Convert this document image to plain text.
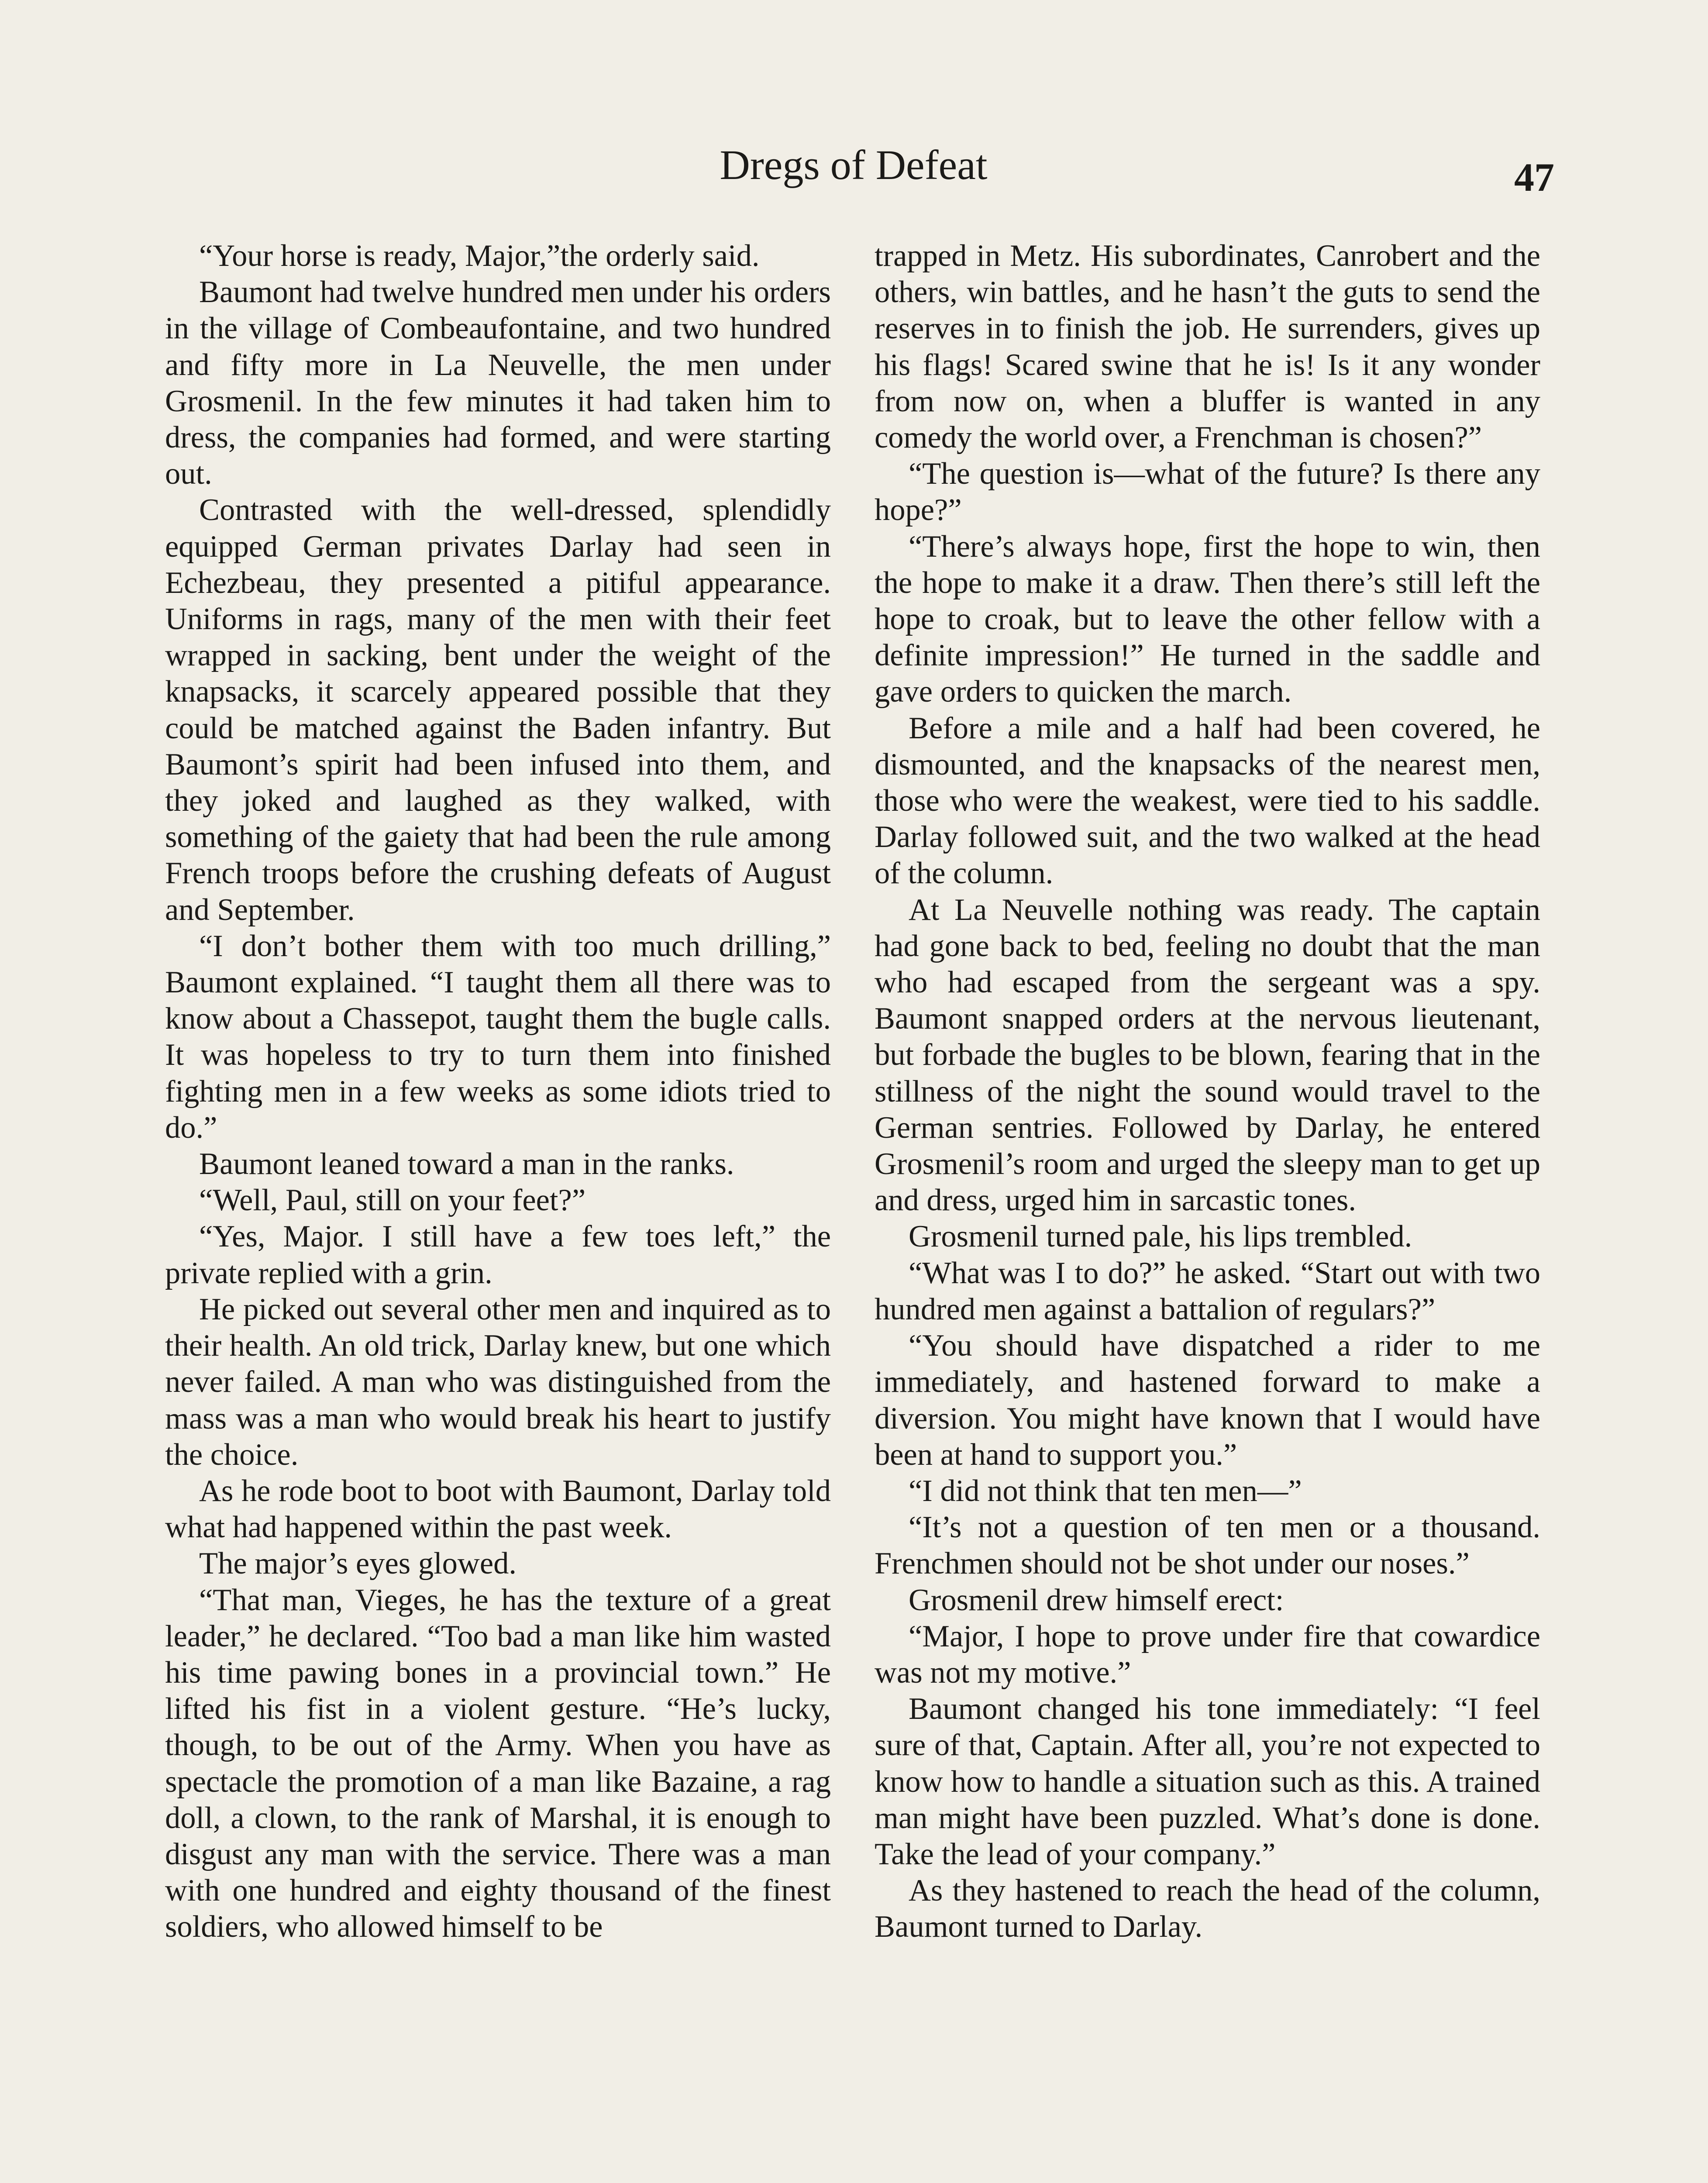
Dregs of Defeat	47

“Your horse is ready, Major,”the orderly said.

Baumont had twelve hundred men under his orders in the village of Combeaufontaine, and two hundred and fifty more in La Neuvelle, the men under Grosmenil. In the few minutes it had taken him to dress, the companies had formed, and were starting out.

Contrasted with the well-dressed, splendidly equipped German privates Darlay had seen in Echezbeau, they presented a pitiful appearance. Uniforms in rags, many of the men with their feet wrapped in sacking, bent under the weight of the knapsacks, it scarcely appeared possible that they could be matched against the Baden infantry. But Baumont’s spirit had been infused into them, and they joked and laughed as they walked, with something of the gaiety that had been the rule among French troops before the crushing defeats of August and September.

“I don’t bother them with too much drilling,” Baumont explained. “I taught them all there was to know about a Chassepot, taught them the bugle calls. It was hopeless to try to turn them into finished fighting men in a few weeks as some idiots tried to do.”

Baumont leaned toward a man in the ranks.

“Well, Paul, still on your feet?”

“Yes, Major. I still have a few toes left,” the private replied with a grin.

He picked out several other men and inquired as to their health. An old trick, Darlay knew, but one which never failed. A man who was distinguished from the mass was a man who would break his heart to justify the choice.

As he rode boot to boot with Baumont, Darlay told what had happened within the past week.

The major’s eyes glowed.

“That man, Vieges, he has the texture of a great leader,” he declared. “Too bad a man like him wasted his time pawing bones in a provincial town.” He lifted his fist in a violent gesture. “He’s lucky, though, to be out of the Army. When you have as spectacle the promotion of a man like Bazaine, a rag doll, a clown, to the rank of Marshal, it is enough to disgust any man with the service. There was a man with one hundred and eighty thousand of the finest soldiers, who allowed himself to be

trapped in Metz. His subordinates, Canrobert and the others, win battles, and he hasn’t the guts to send the reserves in to finish the job. He surrenders, gives up his flags! Scared swine that he is! Is it any wonder from now on, when a bluffer is wanted in any comedy the world over, a Frenchman is chosen?”

“The question is—what of the future? Is there any hope?”

“There’s always hope, first the hope to win, then the hope to make it a draw. Then there’s still left the hope to croak, but to leave the other fellow with a definite impression!” He turned in the saddle and gave orders to quicken the march.

Before a mile and a half had been covered, he dismounted, and the knapsacks of the nearest men, those who were the weakest, were tied to his saddle. Darlay followed suit, and the two walked at the head of the column.

At La Neuvelle nothing was ready. The captain had gone back to bed, feeling no doubt that the man who had escaped from the sergeant was a spy. Baumont snapped orders at the nervous lieutenant, but forbade the bugles to be blown, fearing that in the stillness of the night the sound would travel to the German sentries. Followed by Darlay, he entered Grosmenil’s room and urged the sleepy man to get up and dress, urged him in sarcastic tones.

Grosmenil turned pale, his lips trembled.

“What was I to do?” he asked. “Start out with two hundred men against a battalion of regulars?”

“You should have dispatched a rider to me immediately, and hastened forward to make a diversion. You might have known that I would have been at hand to support you.”

“I did not think that ten men—”

“It’s not a question of ten men or a thousand. Frenchmen should not be shot under our noses.”

Grosmenil drew himself erect:

“Major, I hope to prove under fire that cowardice was not my motive.”

Baumont changed his tone immediately: “I feel sure of that, Captain. After all, you’re not expected to know how to handle a situation such as this. A trained man might have been puzzled. What’s done is done. Take the lead of your company.”

As they hastened to reach the head of the column, Baumont turned to Darlay.
